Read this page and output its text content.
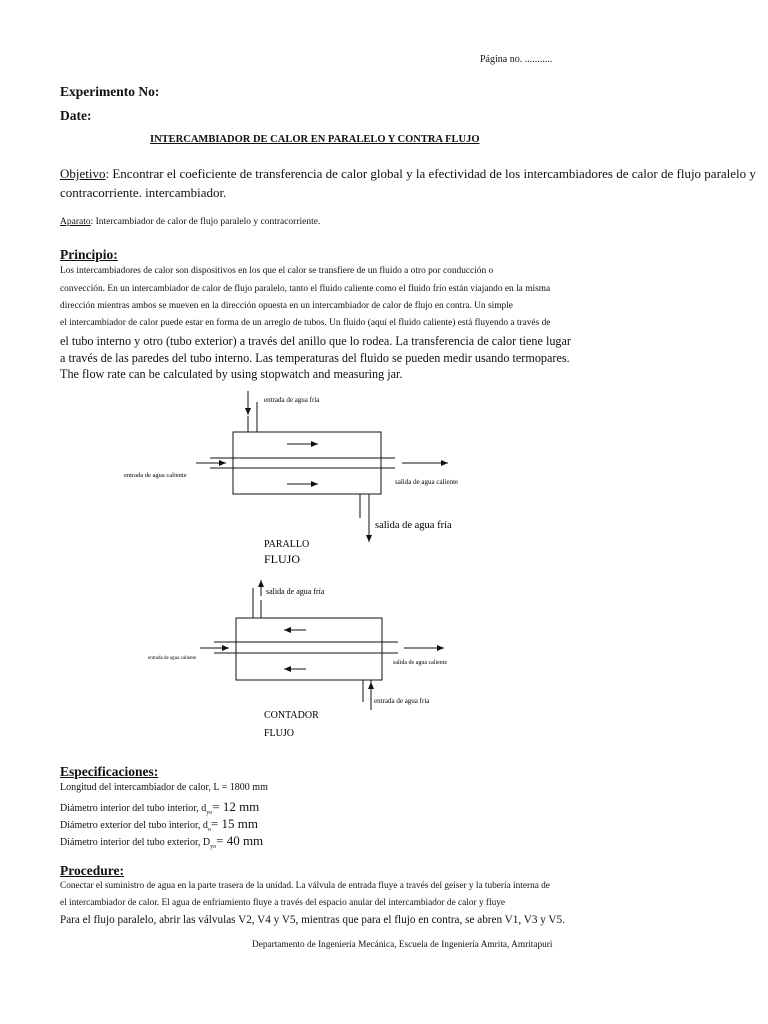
Página no. ...........
Experimento No:
Date:
INTERCAMBIADOR DE CALOR EN PARALELO Y CONTRA FLUJO
Objetivo: Encontrar el coeficiente de transferencia de calor global y la efectividad de los intercambiadores de calor de flujo paralelo y contracorriente. intercambiador.
Aparato: Intercambiador de calor de flujo paralelo y contracorriente.
Principio:
Los intercambiadores de calor son dispositivos en los que el calor se transfiere de un fluido a otro por conducción o
convección. En un intercambiador de calor de flujo paralelo, tanto el fluido caliente como el fluido frío están viajando en la misma
dirección mientras ambos se mueven en la dirección opuesta en un intercambiador de calor de flujo en contra. Un simple
el intercambiador de calor puede estar en forma de un arreglo de tubos. Un fluido (aquí el fluido caliente) está fluyendo a través de
el tubo interno y otro (tubo exterior) a través del anillo que lo rodea. La transferencia de calor tiene lugar
a través de las paredes del tubo interno. Las temperaturas del fluido se pueden medir usando termopares.
The flow rate can be calculated by using stopwatch and measuring jar.
entrada de agua fría
entrada de agua caliente
salida de agua caliente
salida de agua fría
PARALLO
FLUJO
salida de agua fría
entrada de agua caliente
salida de agua caliente
entrada de agua fría
CONTADOR
FLUJO
Especificaciones:
Longitud del intercambiador de calor, L = 1800 mm
Diámetro interior del tubo interior, $d_{yo}= 12$ mm
Diámetro exterior del tubo interior, $d_o= 15$ mm
Diámetro interior del tubo exterior, $D_{yo}= 40$ mm
Procedure:
Conectar el suministro de agua en la parte trasera de la unidad. La válvula de entrada fluye a través del geiser y la tubería interna de
el intercambiador de calor. El agua de enfriamiento fluye a través del espacio anular del intercambiador de calor y fluye
Para el flujo paralelo, abrir las válvulas V2, V4 y V5, mientras que para el flujo en contra, se abren V1, V3 y V5.
Departamento de Ingeniería Mecánica, Escuela de Ingeniería Amrita, Amritapuri
